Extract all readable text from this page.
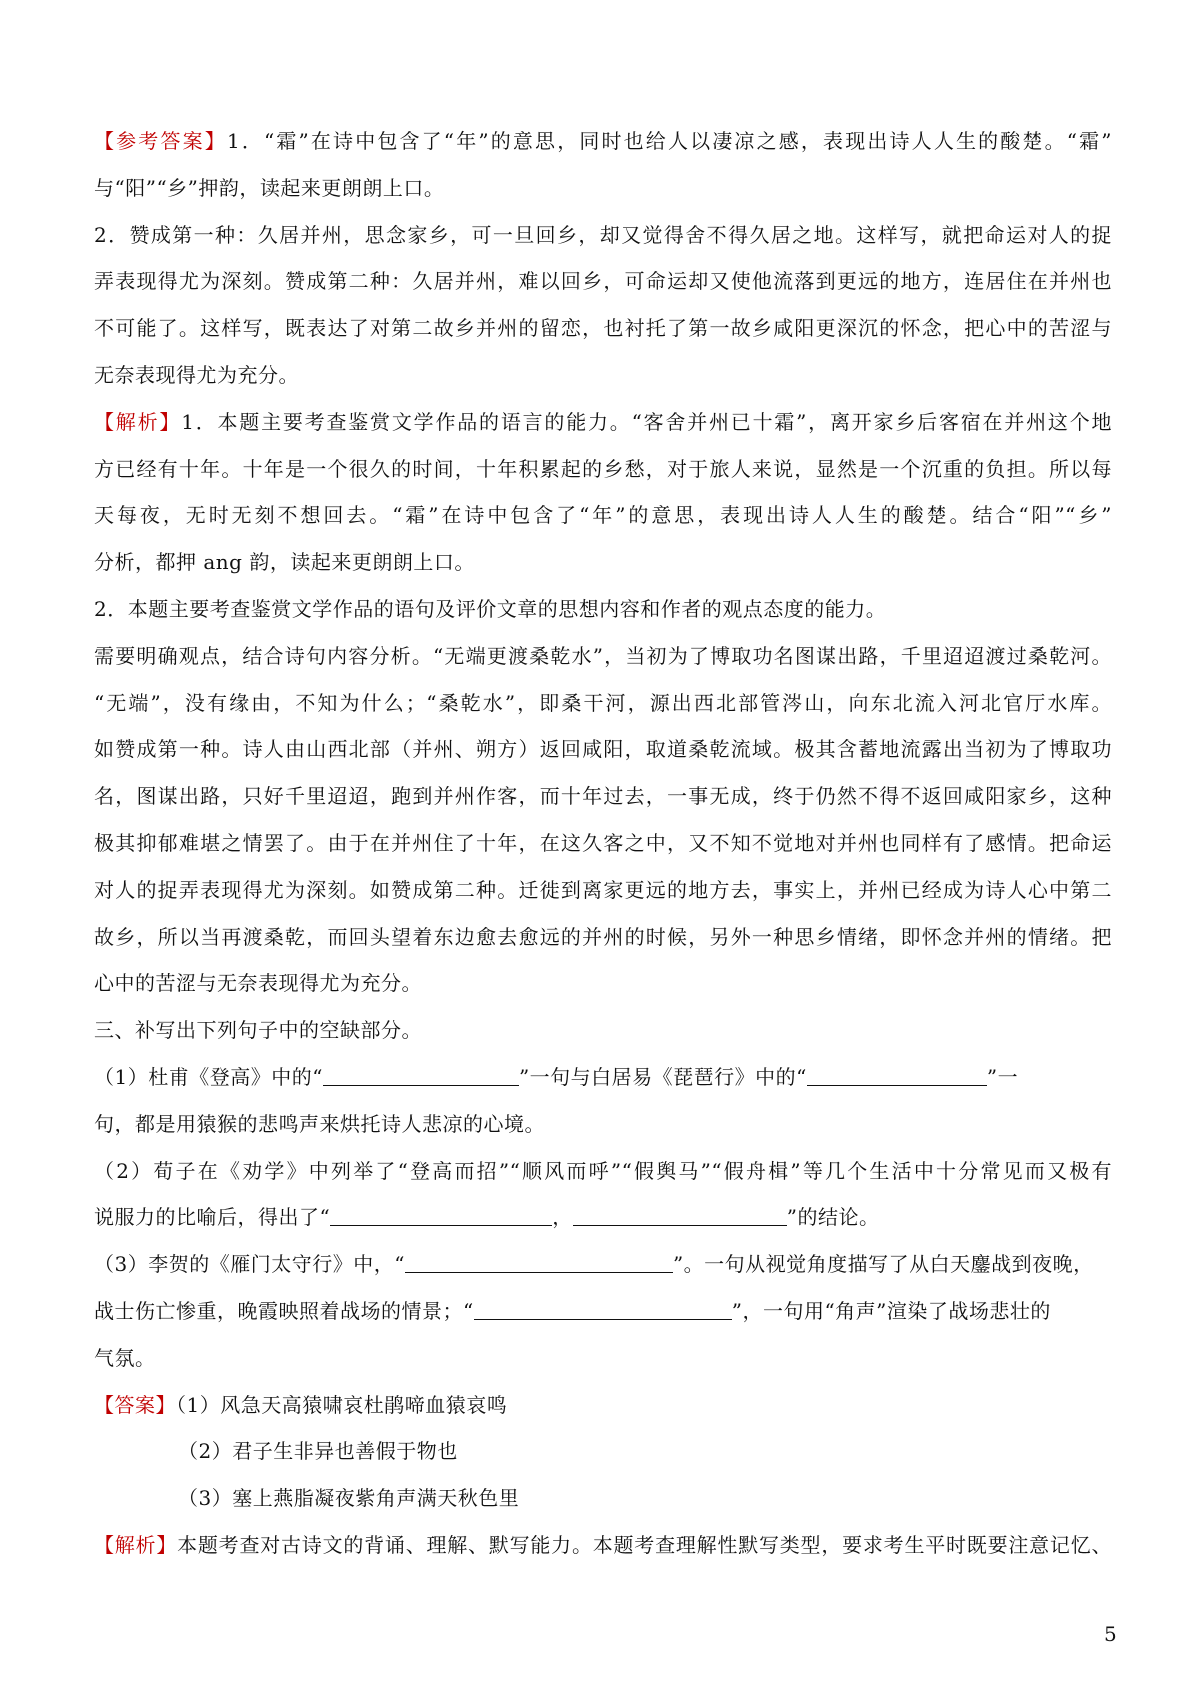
【参考答案】1．“霜”在诗中包含了“年”的意思，同时也给人以凄凉之感，表现出诗人人生的酸楚。“霜”
与“阳”“乡”押韵，读起来更朗朗上口。
2．赞成第一种：久居并州，思念家乡，可一旦回乡，却又觉得舍不得久居之地。这样写，就把命运对人的捉
弄表现得尤为深刻。赞成第二种：久居并州，难以回乡，可命运却又使他流落到更远的地方，连居住在并州也
不可能了。这样写，既表达了对第二故乡并州的留恋，也衬托了第一故乡咸阳更深沉的怀念，把心中的苦涩与
无奈表现得尤为充分。
【解析】1．本题主要考查鉴赏文学作品的语言的能力。“客舍并州已十霜”，离开家乡后客宿在并州这个地
方已经有十年。十年是一个很久的时间，十年积累起的乡愁，对于旅人来说，显然是一个沉重的负担。所以每
天每夜，无时无刻不想回去。“霜”在诗中包含了“年”的意思，表现出诗人人生的酸楚。结合“阳”“乡”
分析，都押 ang 韵，读起来更朗朗上口。
2．本题主要考查鉴赏文学作品的语句及评价文章的思想内容和作者的观点态度的能力。
需要明确观点，结合诗句内容分析。“无端更渡桑乾水”，当初为了博取功名图谋出路，千里迢迢渡过桑乾河。
“无端”，没有缘由，不知为什么；“桑乾水”，即桑干河，源出西北部管涔山，向东北流入河北官厅水库。
如赞成第一种。诗人由山西北部（并州、朔方）返回咸阳，取道桑乾流域。极其含蓄地流露出当初为了博取功
名，图谋出路，只好千里迢迢，跑到并州作客，而十年过去，一事无成，终于仍然不得不返回咸阳家乡，这种
极其抑郁难堪之情罢了。由于在并州住了十年，在这久客之中，又不知不觉地对并州也同样有了感情。把命运
对人的捉弄表现得尤为深刻。如赞成第二种。迁徙到离家更远的地方去，事实上，并州已经成为诗人心中第二
故乡，所以当再渡桑乾，而回头望着东边愈去愈远的并州的时候，另外一种思乡情绪，即怀念并州的情绪。把
心中的苦涩与无奈表现得尤为充分。
三、补写出下列句子中的空缺部分。
（1）杜甫《登高》中的“	”一句与白居易《琵琶行》中的“	”一
句，都是用猿猴的悲鸣声来烘托诗人悲凉的心境。
（2）荀子在《劝学》中列举了“登高而招”“顺风而呼”“假舆马”“假舟楫”等几个生活中十分常见而又极有
说服力的比喻后，得出了“	，	”的结论。
（3）李贺的《雁门太守行》中，“	”。一句从视觉角度描写了从白天鏖战到夜晚，
战士伤亡惨重，晚霞映照着战场的情景；“	”，一句用“角声”渲染了战场悲壮的
气氛。
【答案】（1）风急天高猿啸哀杜鹃啼血猿哀鸣
（2）君子生非异也善假于物也
（3）塞上燕脂凝夜紫角声满天秋色里
【解析】本题考查对古诗文的背诵、理解、默写能力。本题考查理解性默写类型，要求考生平时既要注意记忆、
5
